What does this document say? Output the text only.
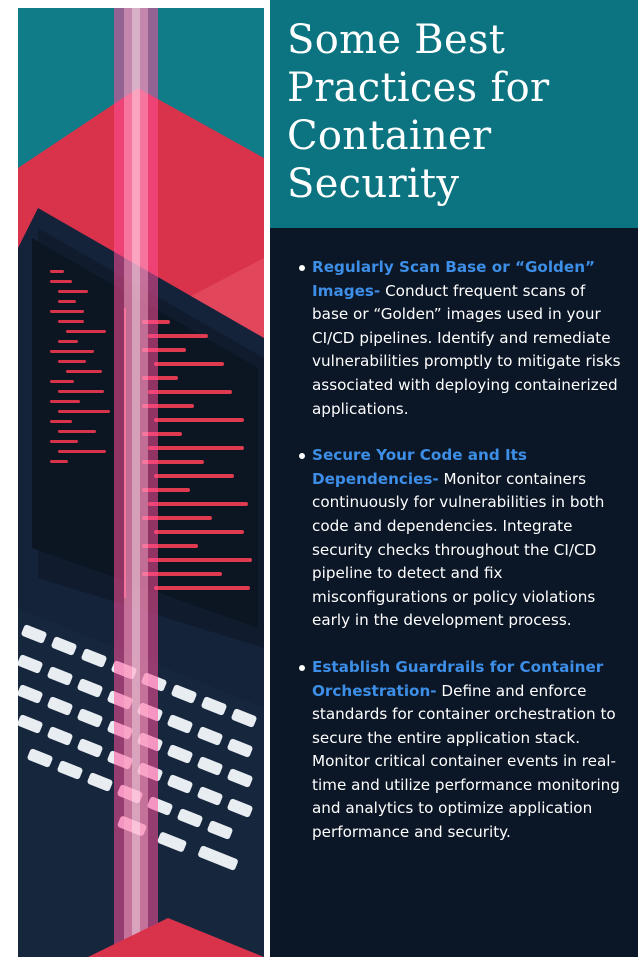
Some Best Practices for Container Security
Regularly Scan Base or “Golden” Images- Conduct frequent scans of base or “Golden” images used in your CI/CD pipelines. Identify and remediate vulnerabilities promptly to mitigate risks associated with deploying containerized applications.
Secure Your Code and Its Dependencies- Monitor containers continuously for vulnerabilities in both code and dependencies. Integrate security checks throughout the CI/CD pipeline to detect and fix misconfigurations or policy violations early in the development process.
Establish Guardrails for Container Orchestration- Define and enforce standards for container orchestration to secure the entire application stack. Monitor critical container events in real-time and utilize performance monitoring and analytics to optimize application performance and security.
